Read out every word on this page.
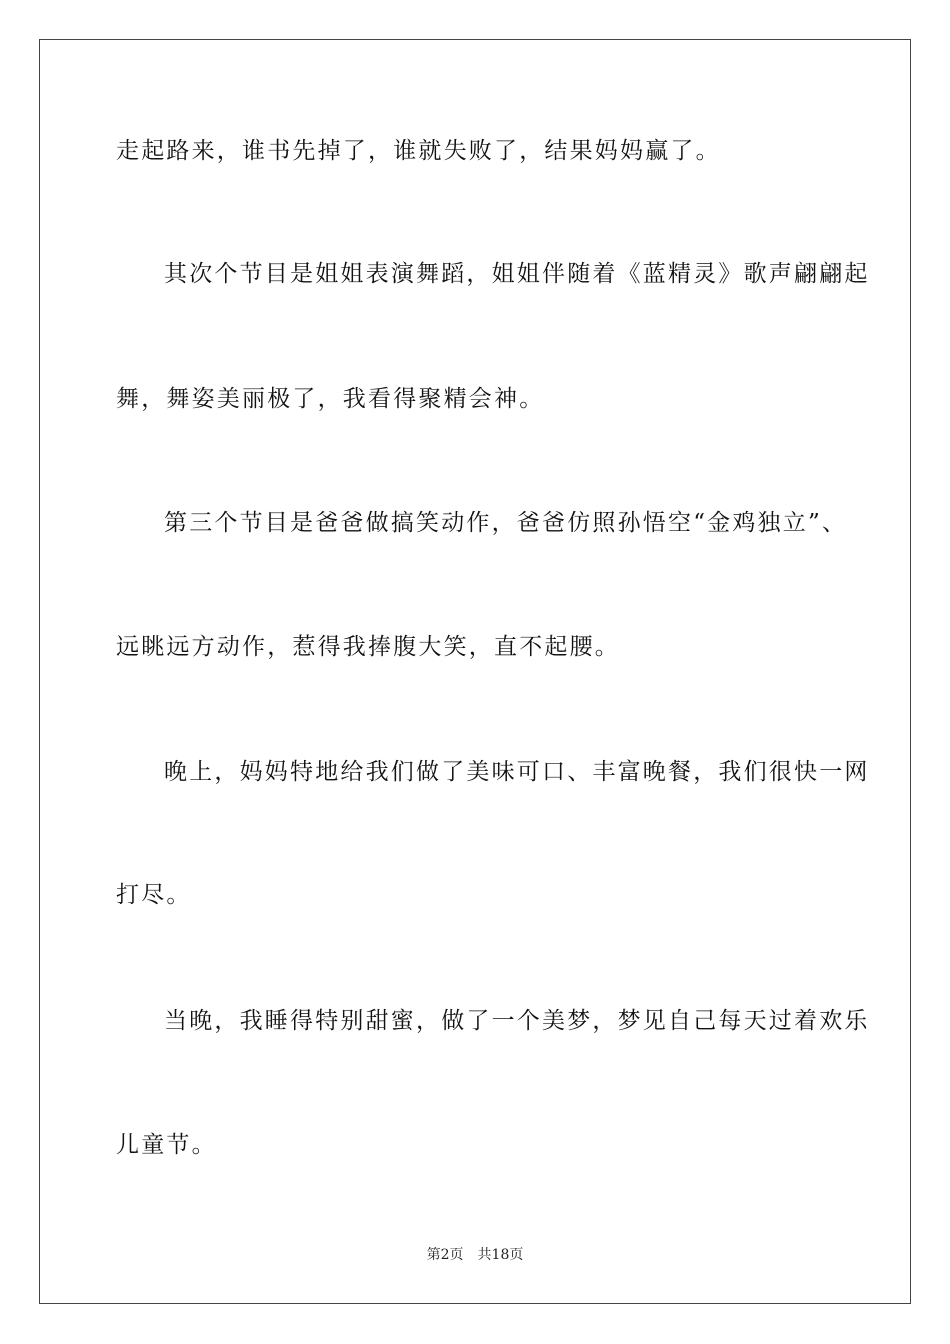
走起路来，谁书先掉了，谁就失败了，结果妈妈赢了。
其次个节目是姐姐表演舞蹈，姐姐伴随着《蓝精灵》歌声翩翩起
舞，舞姿美丽极了，我看得聚精会神。
第三个节目是爸爸做搞笑动作，爸爸仿照孙悟空“金鸡独立”、
远眺远方动作，惹得我捧腹大笑，直不起腰。
晚上，妈妈特地给我们做了美味可口、丰富晚餐，我们很快一网
打尽。
当晚，我睡得特别甜蜜，做了一个美梦，梦见自己每天过着欢乐
儿童节。
第2页 共18页
